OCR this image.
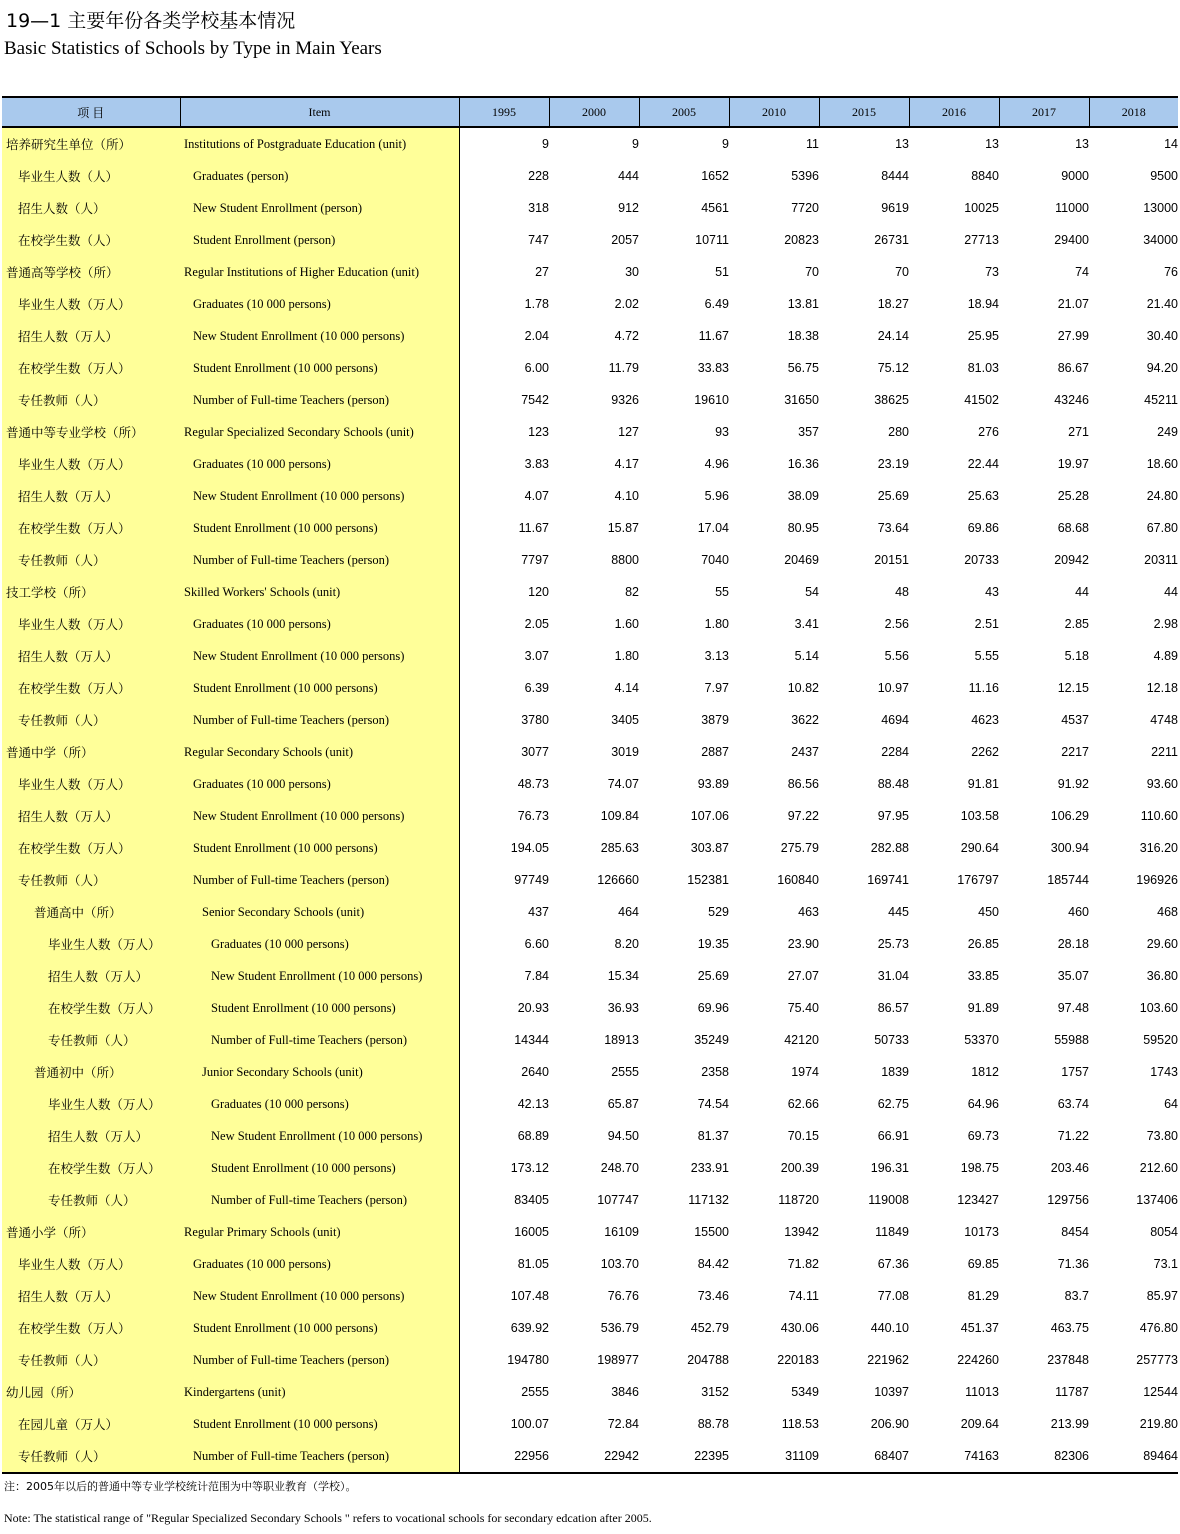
19—1 主要年份各类学校基本情况
Basic Statistics of Schools by Type in Main Years
项 目	Item	1995	2000	2005	2010	2015	2016	2017	2018
培养研究生单位（所）	Institutions of Postgraduate Education (unit)	9	9	9	11	13	13	13	14
毕业生人数（人）	Graduates (person)	228	444	1652	5396	8444	8840	9000	9500
招生人数（人）	New Student Enrollment (person)	318	912	4561	7720	9619	10025	11000	13000
在校学生数（人）	Student Enrollment (person)	747	2057	10711	20823	26731	27713	29400	34000
普通高等学校（所）	Regular Institutions of Higher Education (unit)	27	30	51	70	70	73	74	76
毕业生人数（万人）	Graduates (10 000 persons)	1.78	2.02	6.49	13.81	18.27	18.94	21.07	21.40
招生人数（万人）	New Student Enrollment (10 000 persons)	2.04	4.72	11.67	18.38	24.14	25.95	27.99	30.40
在校学生数（万人）	Student Enrollment (10 000 persons)	6.00	11.79	33.83	56.75	75.12	81.03	86.67	94.20
专任教师（人）	Number of Full-time Teachers (person)	7542	9326	19610	31650	38625	41502	43246	45211
普通中等专业学校（所）	Regular Specialized Secondary Schools (unit)	123	127	93	357	280	276	271	249
毕业生人数（万人）	Graduates (10 000 persons)	3.83	4.17	4.96	16.36	23.19	22.44	19.97	18.60
招生人数（万人）	New Student Enrollment (10 000 persons)	4.07	4.10	5.96	38.09	25.69	25.63	25.28	24.80
在校学生数（万人）	Student Enrollment (10 000 persons)	11.67	15.87	17.04	80.95	73.64	69.86	68.68	67.80
专任教师（人）	Number of Full-time Teachers (person)	7797	8800	7040	20469	20151	20733	20942	20311
技工学校（所）	Skilled Workers' Schools (unit)	120	82	55	54	48	43	44	44
毕业生人数（万人）	Graduates (10 000 persons)	2.05	1.60	1.80	3.41	2.56	2.51	2.85	2.98
招生人数（万人）	New Student Enrollment (10 000 persons)	3.07	1.80	3.13	5.14	5.56	5.55	5.18	4.89
在校学生数（万人）	Student Enrollment (10 000 persons)	6.39	4.14	7.97	10.82	10.97	11.16	12.15	12.18
专任教师（人）	Number of Full-time Teachers (person)	3780	3405	3879	3622	4694	4623	4537	4748
普通中学（所）	Regular Secondary Schools (unit)	3077	3019	2887	2437	2284	2262	2217	2211
毕业生人数（万人）	Graduates (10 000 persons)	48.73	74.07	93.89	86.56	88.48	91.81	91.92	93.60
招生人数（万人）	New Student Enrollment (10 000 persons)	76.73	109.84	107.06	97.22	97.95	103.58	106.29	110.60
在校学生数（万人）	Student Enrollment (10 000 persons)	194.05	285.63	303.87	275.79	282.88	290.64	300.94	316.20
专任教师（人）	Number of Full-time Teachers (person)	97749	126660	152381	160840	169741	176797	185744	196926
普通高中（所）	Senior Secondary Schools (unit)	437	464	529	463	445	450	460	468
毕业生人数（万人）	Graduates (10 000 persons)	6.60	8.20	19.35	23.90	25.73	26.85	28.18	29.60
招生人数（万人）	New Student Enrollment (10 000 persons)	7.84	15.34	25.69	27.07	31.04	33.85	35.07	36.80
在校学生数（万人）	Student Enrollment (10 000 persons)	20.93	36.93	69.96	75.40	86.57	91.89	97.48	103.60
专任教师（人）	Number of Full-time Teachers (person)	14344	18913	35249	42120	50733	53370	55988	59520
普通初中（所）	Junior Secondary Schools (unit)	2640	2555	2358	1974	1839	1812	1757	1743
毕业生人数（万人）	Graduates (10 000 persons)	42.13	65.87	74.54	62.66	62.75	64.96	63.74	64
招生人数（万人）	New Student Enrollment (10 000 persons)	68.89	94.50	81.37	70.15	66.91	69.73	71.22	73.80
在校学生数（万人）	Student Enrollment (10 000 persons)	173.12	248.70	233.91	200.39	196.31	198.75	203.46	212.60
专任教师（人）	Number of Full-time Teachers (person)	83405	107747	117132	118720	119008	123427	129756	137406
普通小学（所）	Regular Primary Schools (unit)	16005	16109	15500	13942	11849	10173	8454	8054
毕业生人数（万人）	Graduates (10 000 persons)	81.05	103.70	84.42	71.82	67.36	69.85	71.36	73.1
招生人数（万人）	New Student Enrollment (10 000 persons)	107.48	76.76	73.46	74.11	77.08	81.29	83.7	85.97
在校学生数（万人）	Student Enrollment (10 000 persons)	639.92	536.79	452.79	430.06	440.10	451.37	463.75	476.80
专任教师（人）	Number of Full-time Teachers (person)	194780	198977	204788	220183	221962	224260	237848	257773
幼儿园（所）	Kindergartens (unit)	2555	3846	3152	5349	10397	11013	11787	12544
在园儿童（万人）	Student Enrollment (10 000 persons)	100.07	72.84	88.78	118.53	206.90	209.64	213.99	219.80
专任教师（人）	Number of Full-time Teachers (person)	22956	22942	22395	31109	68407	74163	82306	89464
注：2005年以后的普通中等专业学校统计范围为中等职业教育（学校）。
Note: The statistical range of "Regular Specialized Secondary Schools " refers to vocational schools for secondary edcation after 2005.
